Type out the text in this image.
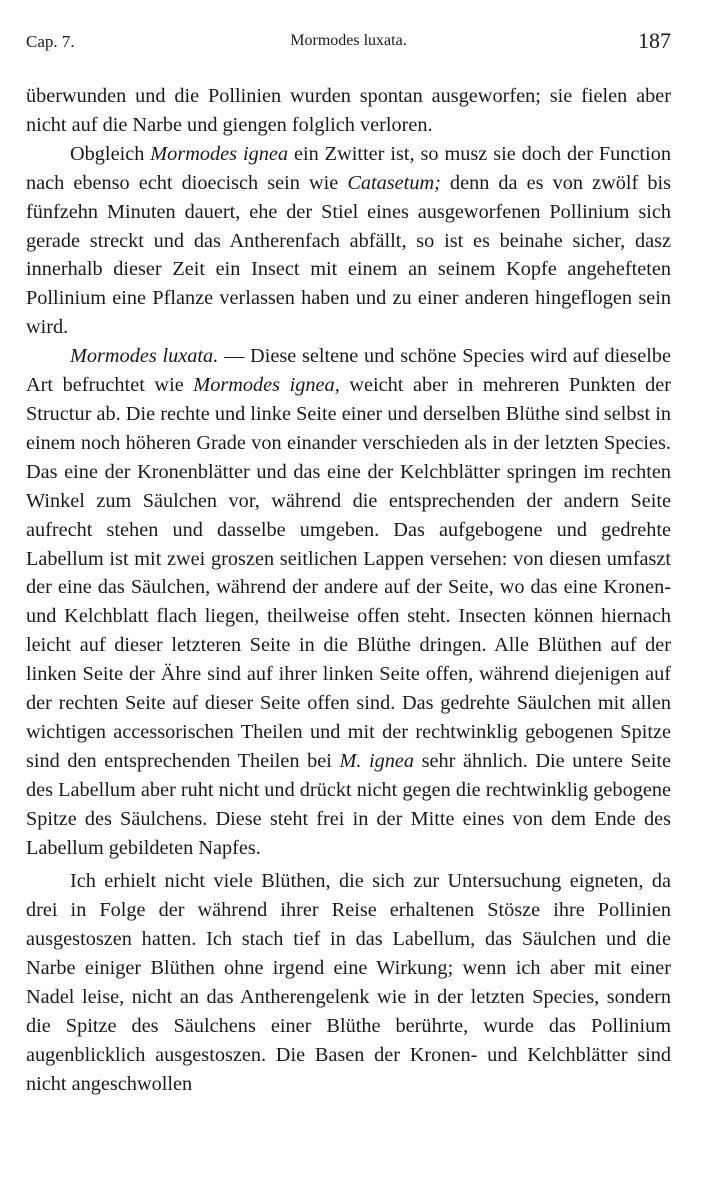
Cap. 7.	Mormodes luxata.	187

überwunden und die Pollinien wurden spontan ausgeworfen; sie fielen aber nicht auf die Narbe und giengen folglich verloren.

Obgleich Mormodes ignea ein Zwitter ist, so musz sie doch der Function nach ebenso echt dioecisch sein wie Catasetum; denn da es von zwölf bis fünfzehn Minuten dauert, ehe der Stiel eines ausgeworfenen Pollinium sich gerade streckt und das Antherenfach abfällt, so ist es beinahe sicher, dasz innerhalb dieser Zeit ein Insect mit einem an seinem Kopfe angehefteten Pollinium eine Pflanze verlassen haben und zu einer anderen hingeflogen sein wird.

Mormodes luxata. — Diese seltene und schöne Species wird auf dieselbe Art befruchtet wie Mormodes ignea, weicht aber in mehreren Punkten der Structur ab. Die rechte und linke Seite einer und derselben Blüthe sind selbst in einem noch höheren Grade von einander verschieden als in der letzten Species. Das eine der Kronenblätter und das eine der Kelchblätter springen im rechten Winkel zum Säulchen vor, während die entsprechenden der andern Seite aufrecht stehen und dasselbe umgeben. Das aufgebogene und gedrehte Labellum ist mit zwei groszen seitlichen Lappen versehen: von diesen umfaszt der eine das Säulchen, während der andere auf der Seite, wo das eine Kronen- und Kelchblatt flach liegen, theilweise offen steht. Insecten können hiernach leicht auf dieser letzteren Seite in die Blüthe dringen. Alle Blüthen auf der linken Seite der Ähre sind auf ihrer linken Seite offen, während diejenigen auf der rechten Seite auf dieser Seite offen sind. Das gedrehte Säulchen mit allen wichtigen accessorischen Theilen und mit der rechtwinklig gebogenen Spitze sind den entsprechenden Theilen bei M. ignea sehr ähnlich. Die untere Seite des Labellum aber ruht nicht und drückt nicht gegen die rechtwinklig gebogene Spitze des Säulchens. Diese steht frei in der Mitte eines von dem Ende des Labellum gebildeten Napfes.

Ich erhielt nicht viele Blüthen, die sich zur Untersuchung eigneten, da drei in Folge der während ihrer Reise erhaltenen Stösze ihre Pollinien ausgestoszen hatten. Ich stach tief in das Labellum, das Säulchen und die Narbe einiger Blüthen ohne irgend eine Wirkung; wenn ich aber mit einer Nadel leise, nicht an das Antherengelenk wie in der letzten Species, sondern die Spitze des Säulchens einer Blüthe berührte, wurde das Pollinium augenblicklich ausgestoszen. Die Basen der Kronen- und Kelchblätter sind nicht angeschwollen
